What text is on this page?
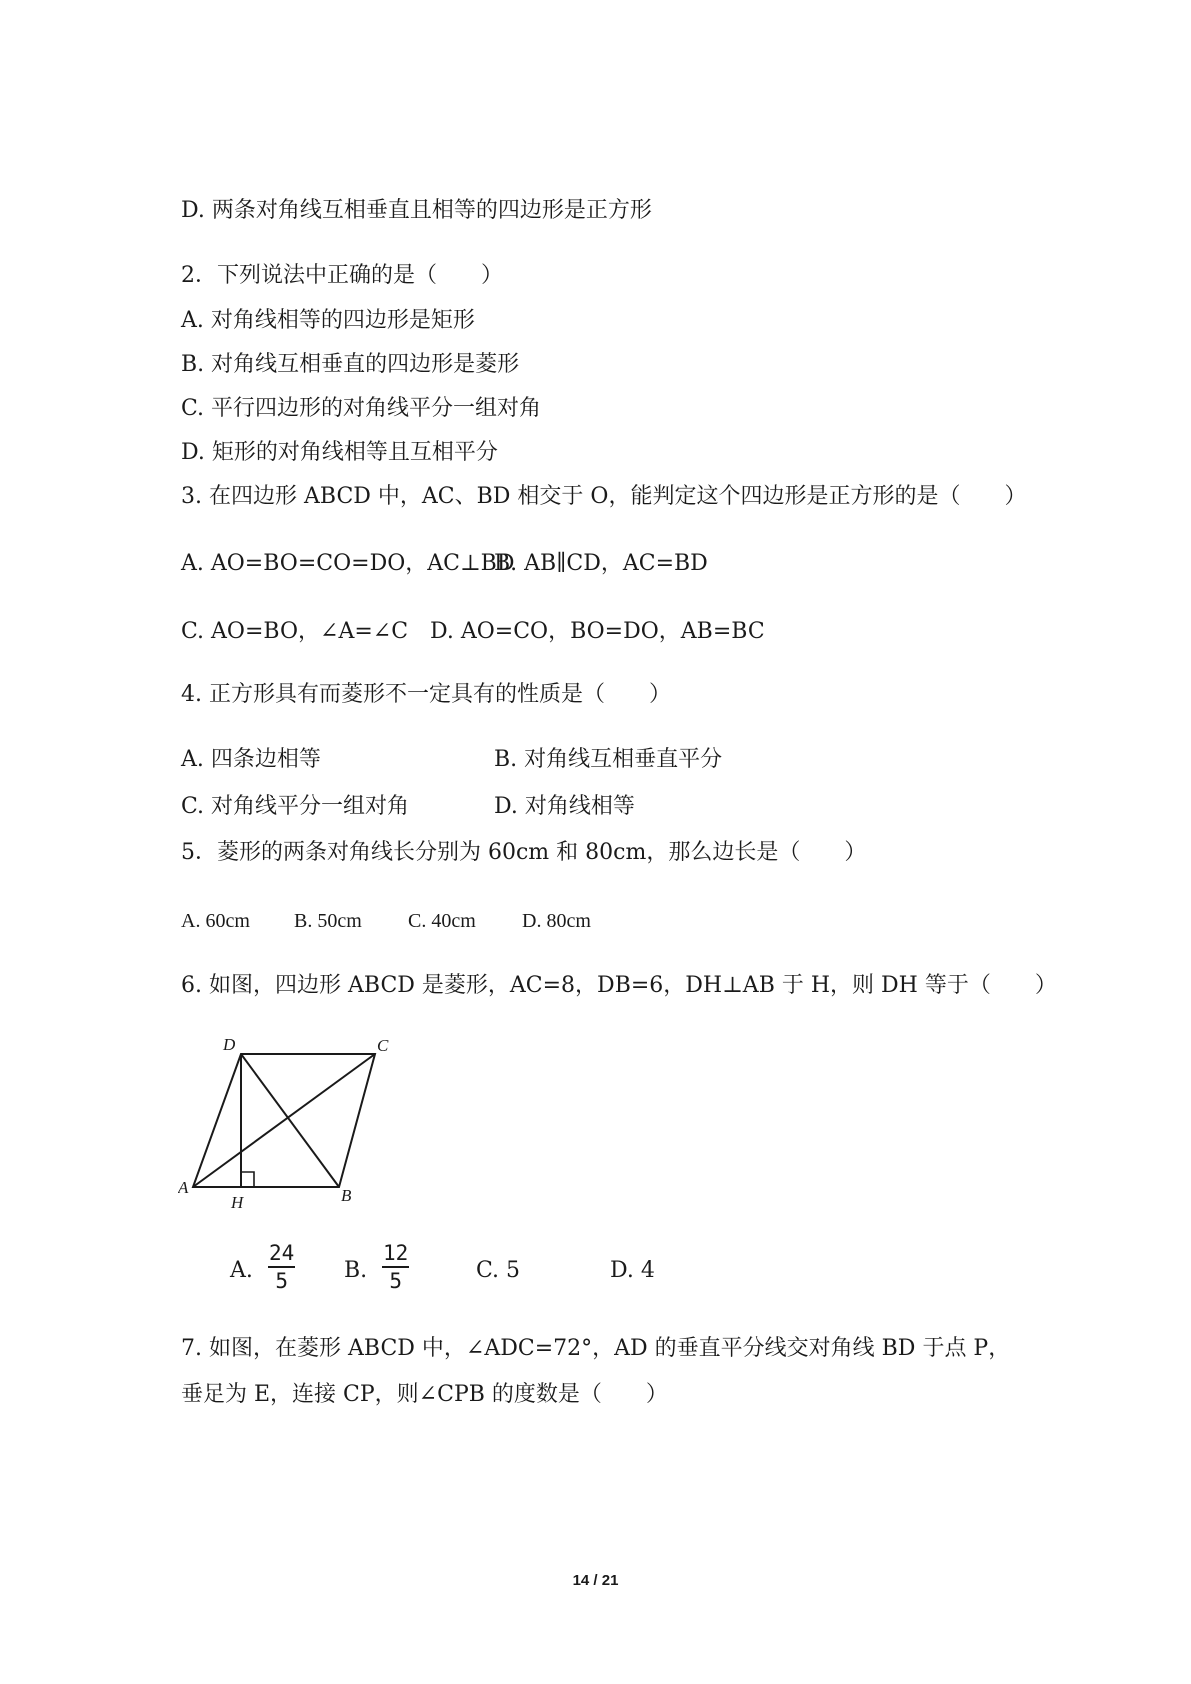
D. 两条对角线互相垂直且相等的四边形是正方形
2．下列说法中正确的是（　　）
A. 对角线相等的四边形是矩形
B. 对角线互相垂直的四边形是菱形
C. 平行四边形的对角线平分一组对角
D. 矩形的对角线相等且互相平分
3. 在四边形 ABCD 中，AC、BD 相交于 O，能判定这个四边形是正方形的是（　　）
A. AO=BO=CO=DO，AC⊥BD
B. AB∥CD，AC=BD
C. AO=BO，∠A=∠C D. AO=CO，BO=DO，AB=BC
4. 正方形具有而菱形不一定具有的性质是（　　）
A. 四条边相等	B. 对角线互相垂直平分
C. 对角线平分一组对角	D. 对角线相等
5．菱形的两条对角线长分别为 60cm 和 80cm，那么边长是（　　）
A. 60cm B. 50cm C. 40cm D. 80cm
6. 如图，四边形 ABCD 是菱形，AC=8，DB=6，DH⊥AB 于 H，则 DH 等于（　　）
D	C
A
H	B
A. $\frac{24}{5} B$. $\frac{12}{5}$	C. 5	D. 4
7. 如图，在菱形 ABCD 中，∠ADC=72°，AD 的垂直平分线交对角线 BD 于点 P，
垂足为 E，连接 CP，则∠CPB 的度数是（　　）
14 / 21
